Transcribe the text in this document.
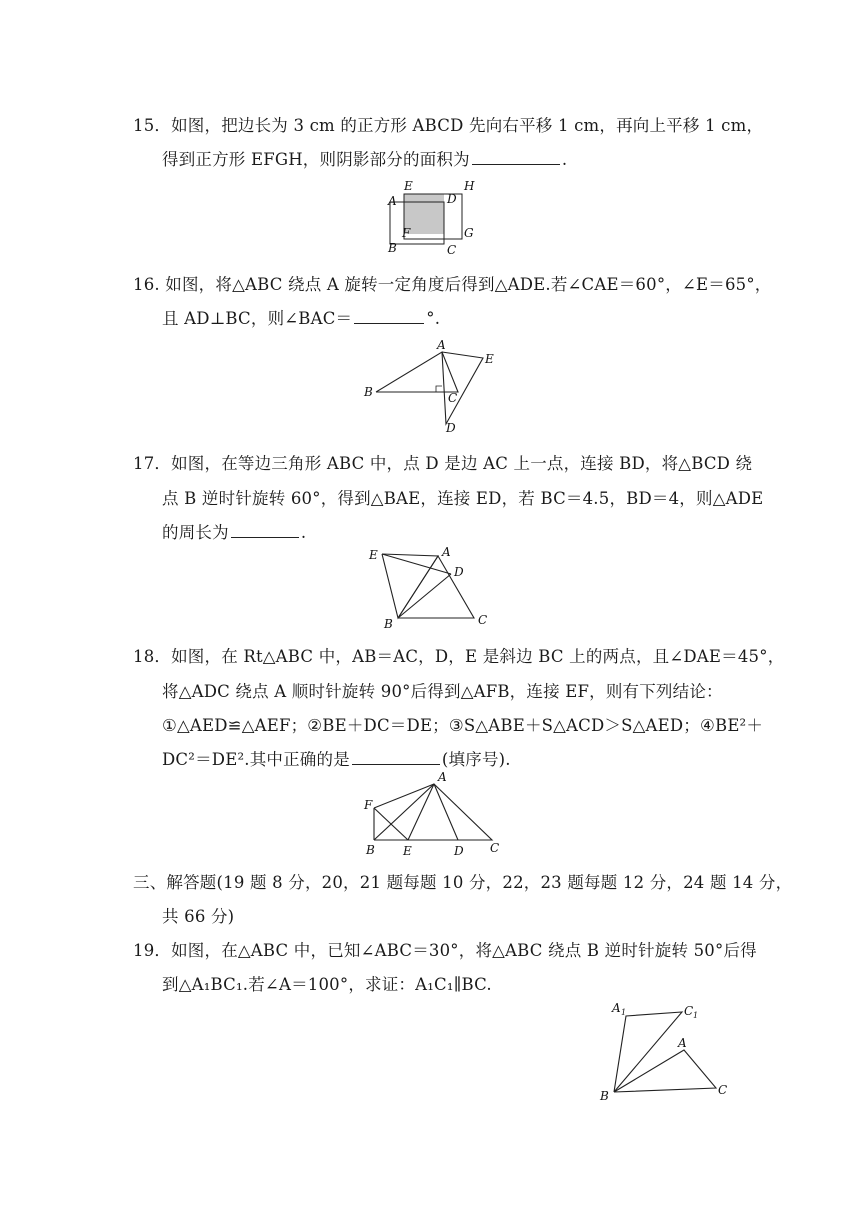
15．如图，把边长为 3 cm 的正方形 ABCD 先向右平移 1 cm，再向上平移 1 cm，
得到正方形 EFGH，则阴影部分的面积为	.
E	H
A	D
F	G
B	C
16. 如图，将△ABC 绕点 A 旋转一定角度后得到△ADE.若∠CAE＝60°，∠E＝65°，
且 AD⊥BC，则∠BAC＝	°.
A
E
B	C
D
17．如图，在等边三角形 ABC 中，点 D 是边 AC 上一点，连接 BD，将△BCD 绕
点 B 逆时针旋转 60°，得到△BAE，连接 ED，若 BC＝4.5，BD＝4，则△ADE
的周长为	.
E	A
D
B	C
18．如图，在 Rt△ABC 中，AB＝AC，D，E 是斜边 BC 上的两点，且∠DAE＝45°，
将△ADC 绕点 A 顺时针旋转 90°后得到△AFB，连接 EF，则有下列结论：
①△AED≌△AEF；②BE＋DC＝DE；③S△ABE＋S△ACD＞S△AED；④BE²＋
DC²＝DE².其中正确的是	(填序号).
A
F
B E	D C
三、解答题(19 题 8 分，20，21 题每题 10 分，22，23 题每题 12 分，24 题 14 分，
共 66 分)
19．如图，在△ABC 中，已知∠ABC＝30°，将△ABC 绕点 B 逆时针旋转 50°后得
到△A₁BC₁.若∠A＝100°，求证：A₁C₁∥BC.
A 1	C 1
A
B	C
